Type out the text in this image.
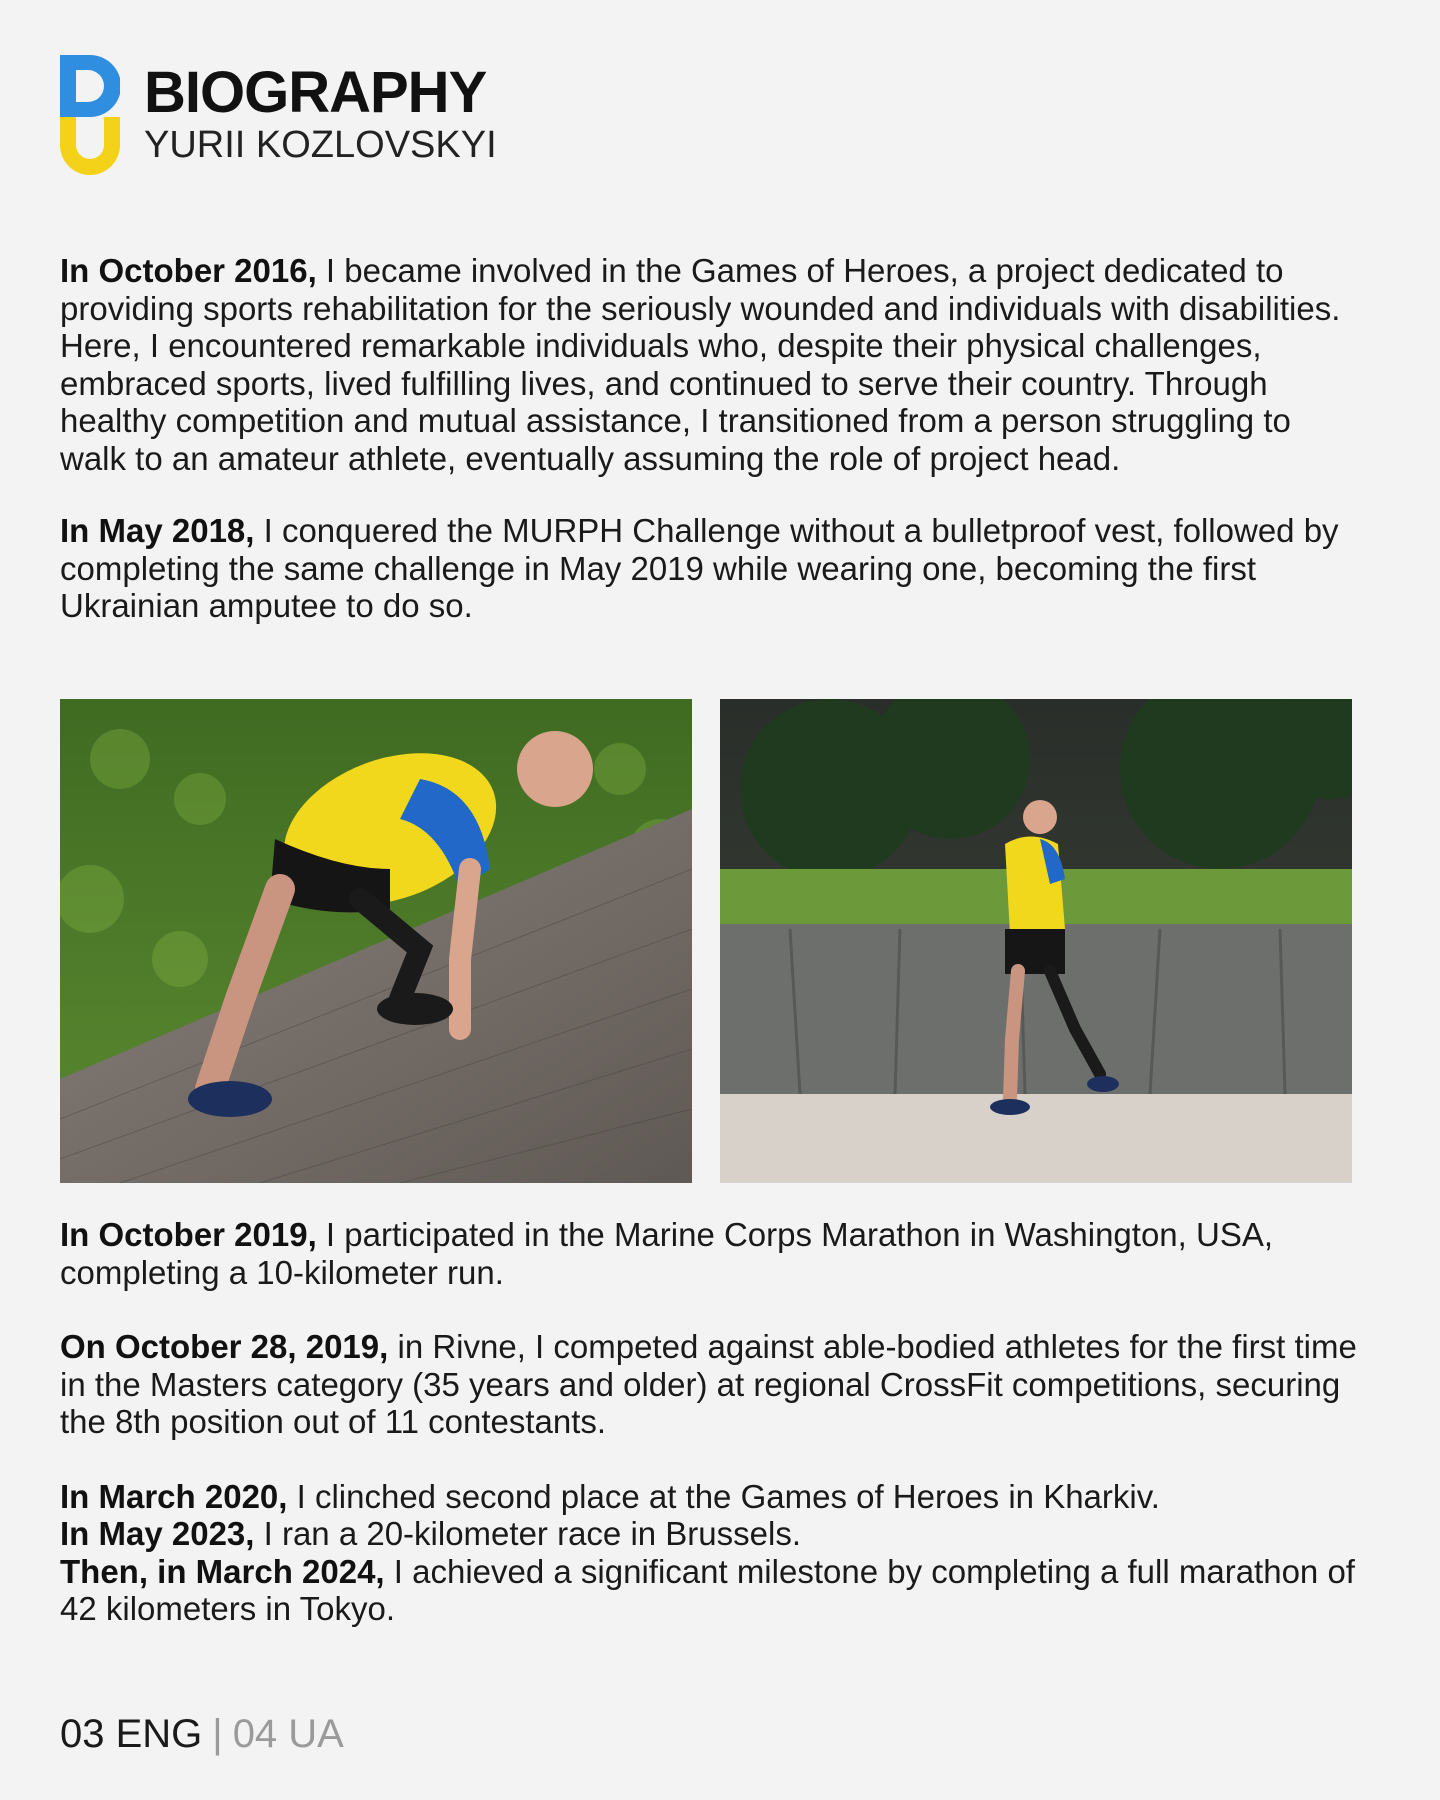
BIOGRAPHY
YURII KOZLOVSKYI

In October 2016, I became involved in the Games of Heroes, a project dedicated to providing sports rehabilitation for the seriously wounded and individuals with disabilities. Here, I encountered remarkable individuals who, despite their physical challenges, embraced sports, lived fulfilling lives, and continued to serve their country. Through healthy competition and mutual assistance, I transitioned from a person struggling to walk to an amateur athlete, eventually assuming the role of project head.

In May 2018, I conquered the MURPH Challenge without a bulletproof vest, followed by completing the same challenge in May 2019 while wearing one, becoming the first Ukrainian amputee to do so.

In October 2019, I participated in the Marine Corps Marathon in Washington, USA, completing a 10-kilometer run.

On October 28, 2019, in Rivne, I competed against able-bodied athletes for the first time in the Masters category (35 years and older) at regional CrossFit competitions, securing the 8th position out of 11 contestants.

In March 2020, I clinched second place at the Games of Heroes in Kharkiv.

In May 2023, I ran a 20-kilometer race in Brussels.

Then, in March 2024, I achieved a significant milestone by completing a full marathon of 42 kilometers in Tokyo.

03 ENG | 04 UA
